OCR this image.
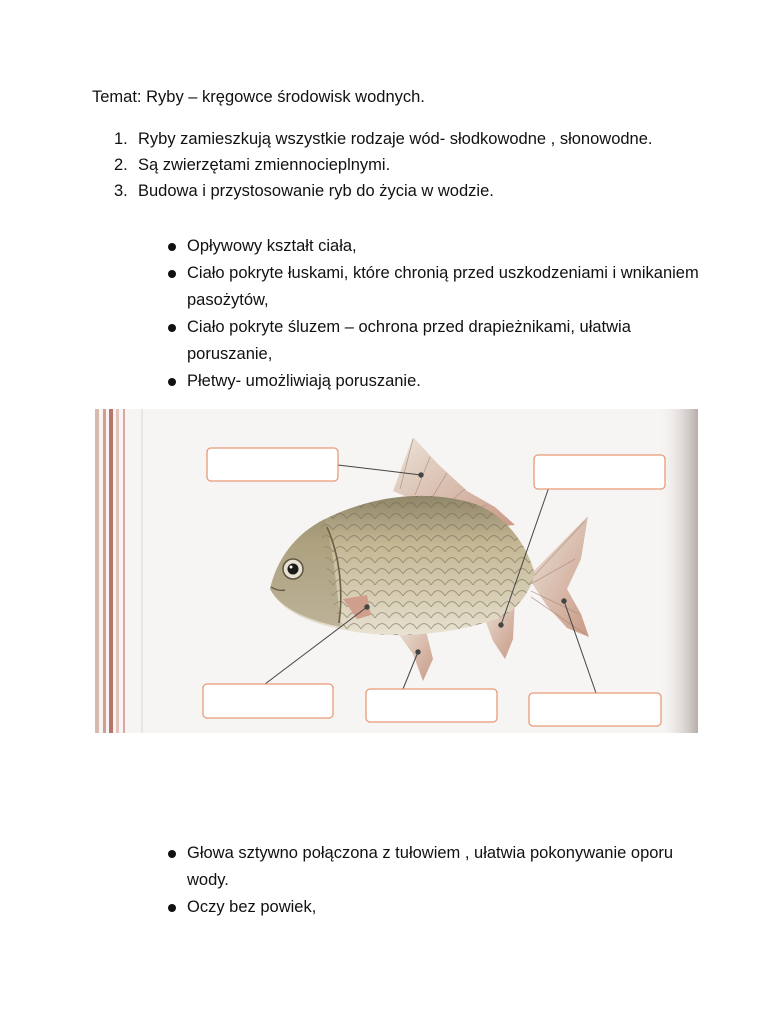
Temat: Ryby – kręgowce środowisk wodnych.
1. Ryby zamieszkują wszystkie rodzaje wód- słodkowodne , słonowodne.
2. Są zwierzętami zmiennocieplnymi.
3. Budowa i przystosowanie ryb do życia w wodzie.
Opływowy kształt ciała,
Ciało pokryte łuskami, które chronią przed uszkodzeniami i wnikaniem pasożytów,
Ciało pokryte śluzem – ochrona przed drapieżnikami, ułatwia poruszanie,
Płetwy- umożliwiają poruszanie.
Głowa sztywno połączona z tułowiem , ułatwia pokonywanie oporu wody.
Oczy bez powiek,
